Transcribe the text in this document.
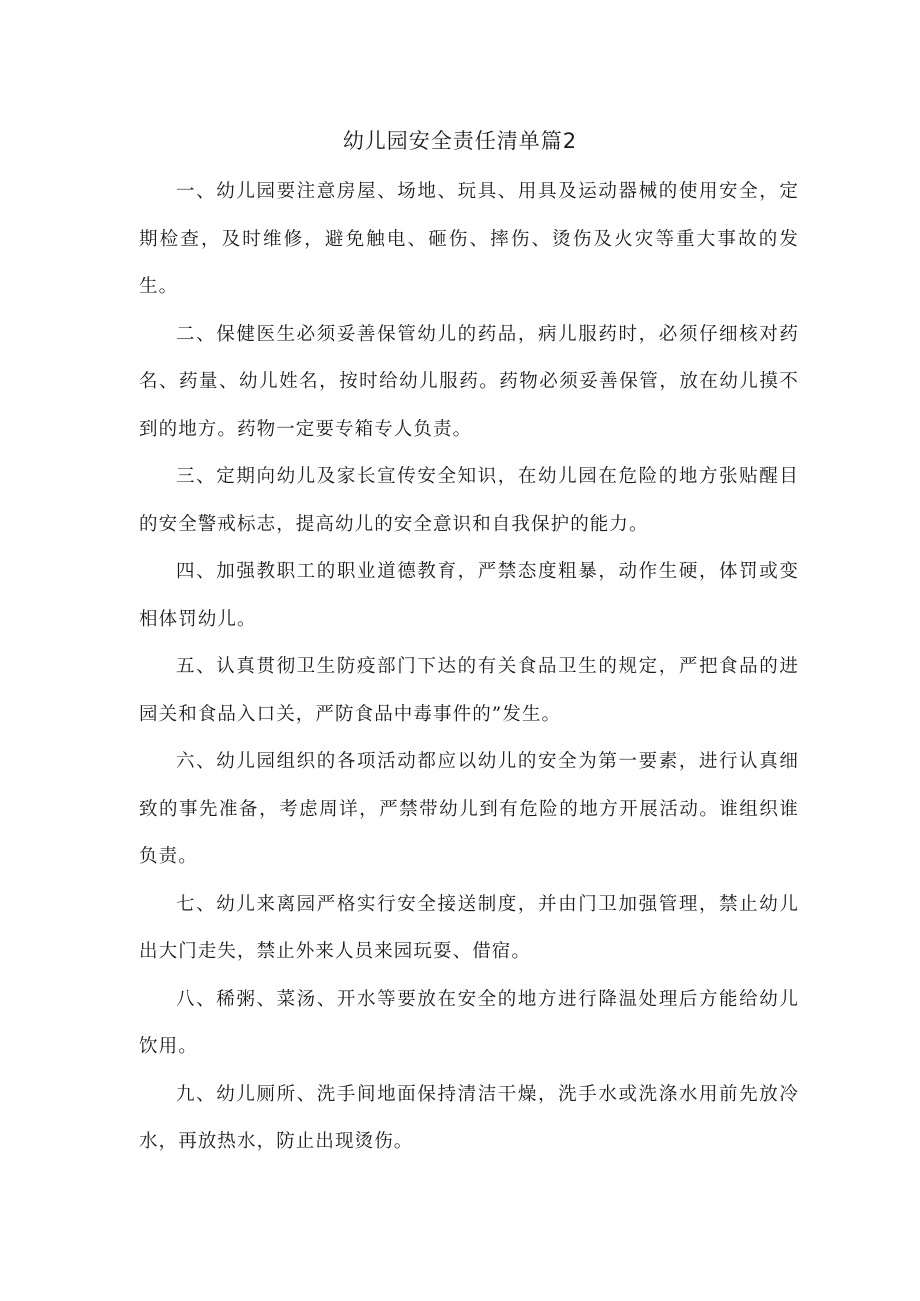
幼儿园安全责任清单篇2

一、幼儿园要注意房屋、场地、玩具、用具及运动器械的使用安全，定期检查，及时维修，避免触电、砸伤、摔伤、烫伤及火灾等重大事故的发生。

二、保健医生必须妥善保管幼儿的药品，病儿服药时，必须仔细核对药名、药量、幼儿姓名，按时给幼儿服药。药物必须妥善保管，放在幼儿摸不到的地方。药物一定要专箱专人负责。

三、定期向幼儿及家长宣传安全知识，在幼儿园在危险的地方张贴醒目的安全警戒标志，提高幼儿的安全意识和自我保护的能力。

四、加强教职工的职业道德教育，严禁态度粗暴，动作生硬，体罚或变相体罚幼儿。

五、认真贯彻卫生防疫部门下达的有关食品卫生的规定，严把食品的进园关和食品入口关，严防食品中毒事件的”发生。

六、幼儿园组织的各项活动都应以幼儿的安全为第一要素，进行认真细致的事先准备，考虑周详，严禁带幼儿到有危险的地方开展活动。谁组织谁负责。

七、幼儿来离园严格实行安全接送制度，并由门卫加强管理，禁止幼儿出大门走失，禁止外来人员来园玩耍、借宿。

八、稀粥、菜汤、开水等要放在安全的地方进行降温处理后方能给幼儿饮用。

九、幼儿厕所、洗手间地面保持清洁干燥，洗手水或洗涤水用前先放冷水，再放热水，防止出现烫伤。
